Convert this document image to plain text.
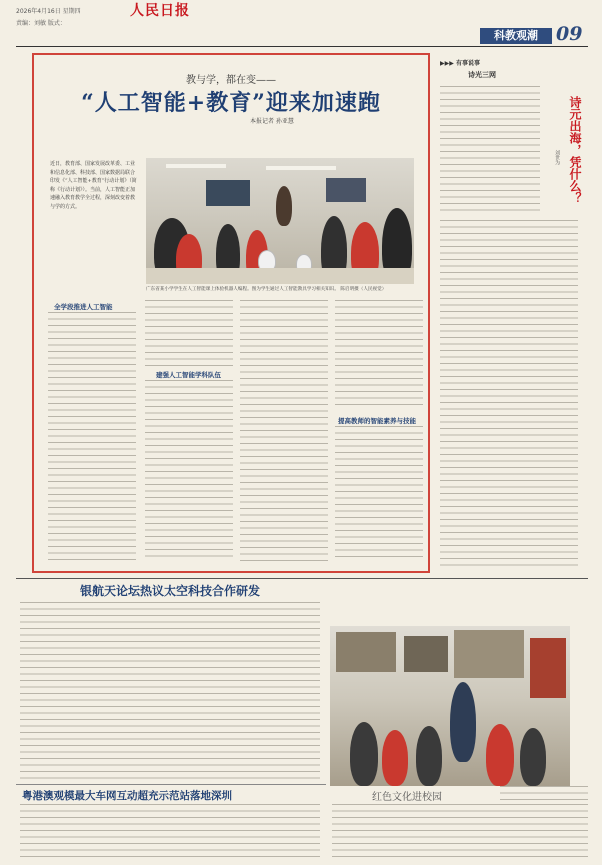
2026年4月16日 星期四	人民日报
责编：刘敏 版式：
科教观潮 09
教与学，都在变——
“人工智能+教育”迎来加速跑
本报记者 孙亚慧
近日，教育部、国家发展改革委、工业和信息化部、科技部、国家数据局联合印发《“人工智能+教育”行动计划》（简称《行动计划》）。当前，人工智能正加速融入教育教学全过程，深刻改变着教与学的方式。
广东省某小学学生在人工智能课上体验机器人编程。图为学生通过人工智能教具学习相关知识。 陈启明摄（人民视觉）
全学段推进人工智能
建强人工智能学科队伍
提高教师的智能素养与技能
▶▶▶ 有事说事
诗光三网
诗元出海，凭什么？
刘世为
银航天论坛热议太空科技合作研发
粤港澳观模最大车网互动超充示范站落地深圳	红色文化进校园
